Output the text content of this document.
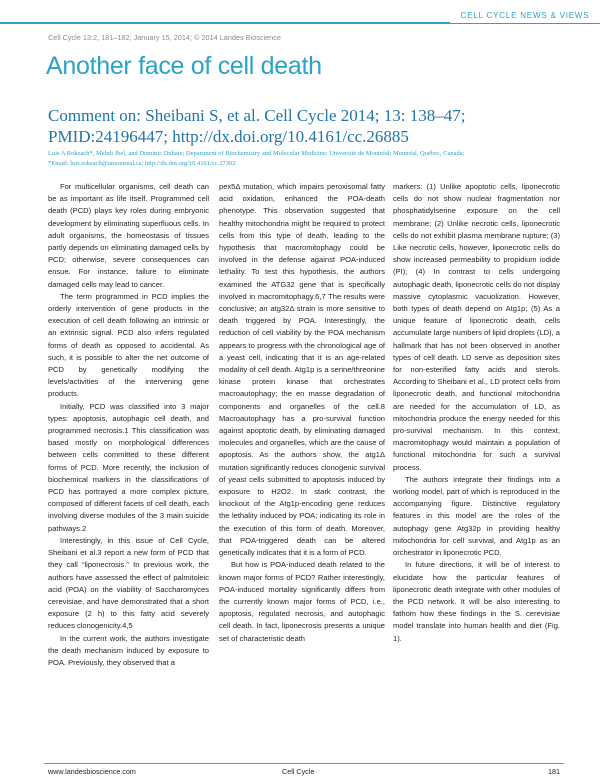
CELL CYCLE NEWS & VIEWS
Cell Cycle 13:2, 181–182; January 15, 2014; © 2014 Landes Bioscience
Another face of cell death
Comment on: Sheibani S, et al. Cell Cycle 2014; 13: 138–47; PMID:24196447; http://dx.doi.org/10.4161/cc.26885
Luis A Rokeach*, Mehdi Jbel, and Dominic Duhaie; Department of Biochemistry and Molecular Medicine; Université de Montréal; Montréal, Québec, Canada;
*Email: luis.rokeach@umontreal.ca; http://dx.doi.org/10.4161/cc.27302

For multicellular organisms, cell death can be as important as life itself. Programmed cell death (PCD) plays key roles during embryonic development by eliminating superfluous cells. In adult organisms, the homeostasis of tissues partly depends on eliminating damaged cells by PCD; otherwise, severe consequences can ensue. For instance, failure to eliminate damaged cells may lead to cancer.

The term programmed in PCD implies the orderly intervention of gene products in the execution of cell death following an intrinsic or an extrinsic signal. PCD also infers regulated forms of death as opposed to accidental. As such, it is possible to alter the net outcome of PCD by genetically modifying the levels/activities of the intervening gene products.

Initially, PCD was classified into 3 major types: apoptosis, autophagic cell death, and programmed necrosis.1 This classification was based mostly on morphological differences between cells committed to these different forms of PCD. More recently, the inclusion of biochemical markers in the classifications of PCD has portrayed a more complex picture, composed of different facets of cell death, each involving diverse modules of the 3 main suicide pathways.2

Interestingly, in this issue of Cell Cycle, Sheibani et al.3 report a new form of PCD that they call “liponecrosis.” In previous work, the authors have assessed the effect of palmitoleic acid (POA) on the viability of Saccharomyces cerevisiae, and have demonstrated that a short exposure (2 h) to this fatty acid severely reduces clonogenicity.4,5

In the current work, the authors investigate the death mechanism induced by exposure to POA. Previously, they observed that a

pex5Δ mutation, which impairs peroxisomal fatty acid oxidation, enhanced the POA-death phenotype. This observation suggested that healthy mitochondria might be required to protect cells from this type of death, leading to the hypothesis that macromitophagy could be involved in the defense against POA-induced lethality. To test this hypothesis, the authors examined the ATG32 gene that is specifically involved in macromitophagy.6,7 The results were conclusive; an atg32Δ strain is more sensitive to death triggered by POA. Interestingly, the reduction of cell viability by the POA mechanism appears to progress with the chronological age of a yeast cell, indicating that it is an age-related modality of cell death. Atg1p is a serine/threonine kinase protein kinase that orchestrates macroautophagy; the en masse degradation of components and organelles of the cell.8 Macroautophagy has a pro-survival function against apoptotic death, by eliminating damaged molecules and organelles, which are the cause of apoptosis. As the authors show, the atg1Δ mutation significantly reduces clonogenic survival of yeast cells submitted to apoptosis induced by exposure to H2O2. In stark contrast, the knockout of the Atg1p-encoding gene reduces the lethality induced by POA; indicating its role in the execution of this form of death. Moreover, that POA-triggered death can be altered genetically indicates that it is a form of PCD.

But how is POA-induced death related to the known major forms of PCD? Rather interestingly, POA-induced mortality significantly differs from the currently known major forms of PCD, i.e., apoptosis, regulated necrosis, and autophagic cell death. In fact, liponecrosis presents a unique set of characteristic death

markers: (1) Unlike apoptotic cells, liponecrotic cells do not show nuclear fragmentation nor phosphatidylserine exposure on the cell membrane; (2) Unlike necrotic cells, liponecrotic cells do not exhibit plasma membrane rupture; (3) Like necrotic cells, however, liponecrotic cells do show increased permeability to propidium iodide (PI); (4) In contrast to cells undergoing autophagic death, liponecrotic cells do not display massive cytoplasmic vacuolization. However, both types of death depend on Atg1p; (5) As a unique feature of liponecrotic death, cells accumulate large numbers of lipid droplets (LD), a hallmark that has not been observed in another types of cell death. LD serve as deposition sites for non-esterified fatty acids and sterols. According to Sheibani et al., LD protect cells from liponecrotic death, and functional mitochondria are needed for the accumulation of LD, as mitochondria produce the energy needed for this pro-survival mechanism. In this context, macromitophagy would maintain a population of functional mitochondria for such a survival process.

The authors integrate their findings into a working model, part of which is reproduced in the accompanying figure. Distinctive regulatory features in this model are the roles of the autophagy gene Atg32p in providing healthy mitochondria for cell survival, and Atg1p as an orchestrator in liponecrotic PCD.

In future directions, it will be of interest to elucidate how the particular features of liponecrotic death integrate with other modules of the PCD network. It will be also interesting to fathom how these findings in the S. cerevisiae model translate into human health and diet (Fig. 1).

www.landesbioscience.com	Cell Cycle	181
